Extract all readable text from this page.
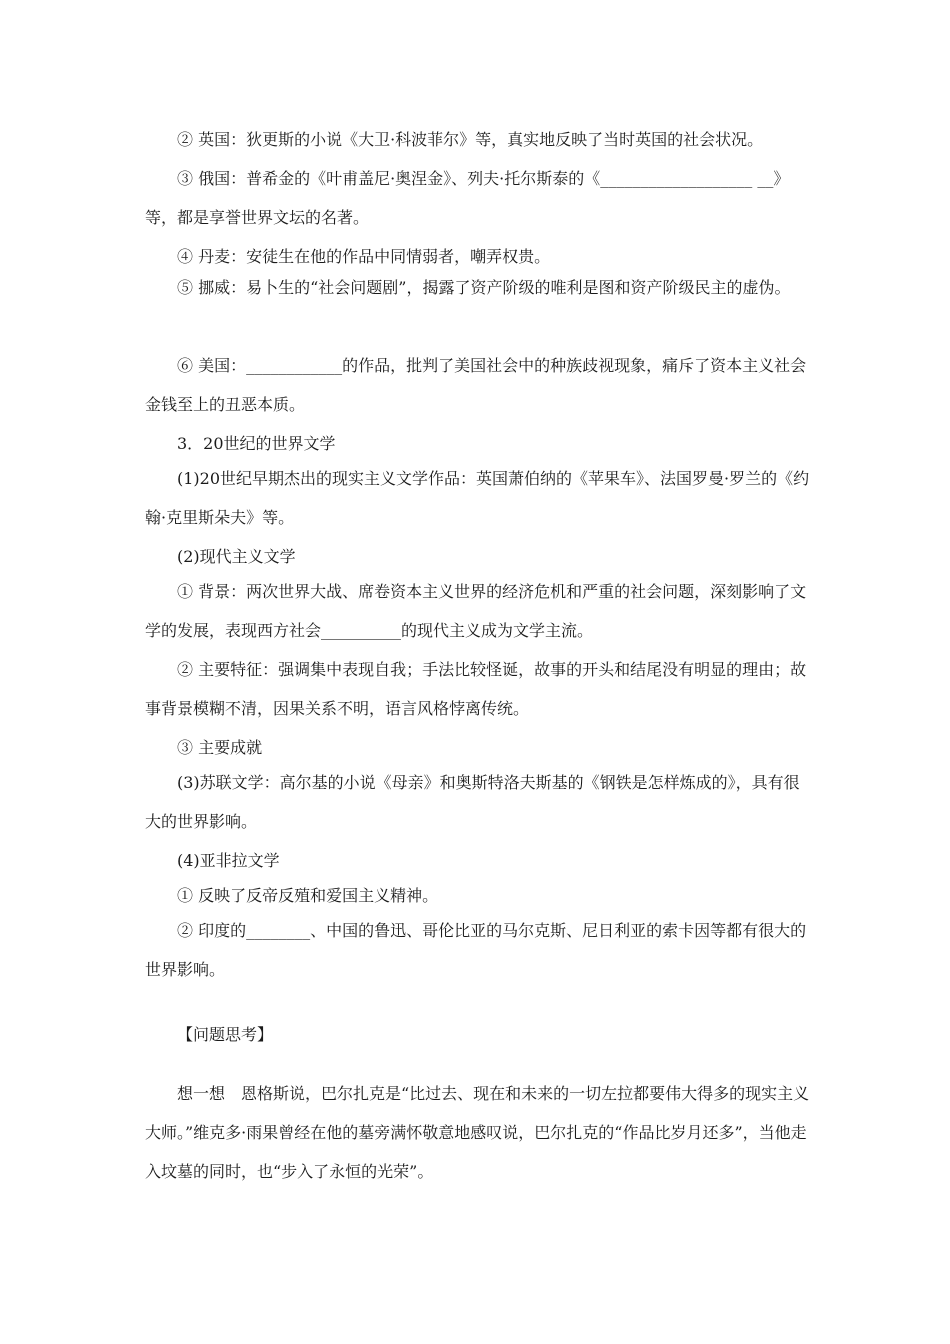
② 英国：狄更斯的小说《大卫·科波菲尔》等，真实地反映了当时英国的社会状况。

③ 俄国：普希金的《叶甫盖尼·奥涅金》、列夫·托尔斯泰的《___________________ __》等，都是享誉世界文坛的名著。

④ 丹麦：安徒生在他的作品中同情弱者，嘲弄权贵。

⑤ 挪威：易卜生的“社会问题剧”，揭露了资产阶级的唯利是图和资产阶级民主的虚伪。

⑥ 美国：____________的作品，批判了美国社会中的种族歧视现象，痛斥了资本主义社会金钱至上的丑恶本质。

3．20世纪的世界文学

(1)20世纪早期杰出的现实主义文学作品：英国萧伯纳的《苹果车》、法国罗曼·罗兰的《约翰·克里斯朵夫》等。

(2)现代主义文学

① 背景：两次世界大战、席卷资本主义世界的经济危机和严重的社会问题，深刻影响了文学的发展，表现西方社会__________的现代主义成为文学主流。

② 主要特征：强调集中表现自我；手法比较怪诞，故事的开头和结尾没有明显的理由；故事背景模糊不清，因果关系不明，语言风格悖离传统。

③ 主要成就

(3)苏联文学：高尔基的小说《母亲》和奥斯特洛夫斯基的《钢铁是怎样炼成的》，具有很大的世界影响。

(4)亚非拉文学

① 反映了反帝反殖和爱国主义精神。

② 印度的________、中国的鲁迅、哥伦比亚的马尔克斯、尼日利亚的索卡因等都有很大的世界影响。

【问题思考】

想一想　恩格斯说，巴尔扎克是“比过去、现在和未来的一切左拉都要伟大得多的现实主义大师。”维克多·雨果曾经在他的墓旁满怀敬意地感叹说，巴尔扎克的“作品比岁月还多”，当他走入坟墓的同时，也“步入了永恒的光荣”。
